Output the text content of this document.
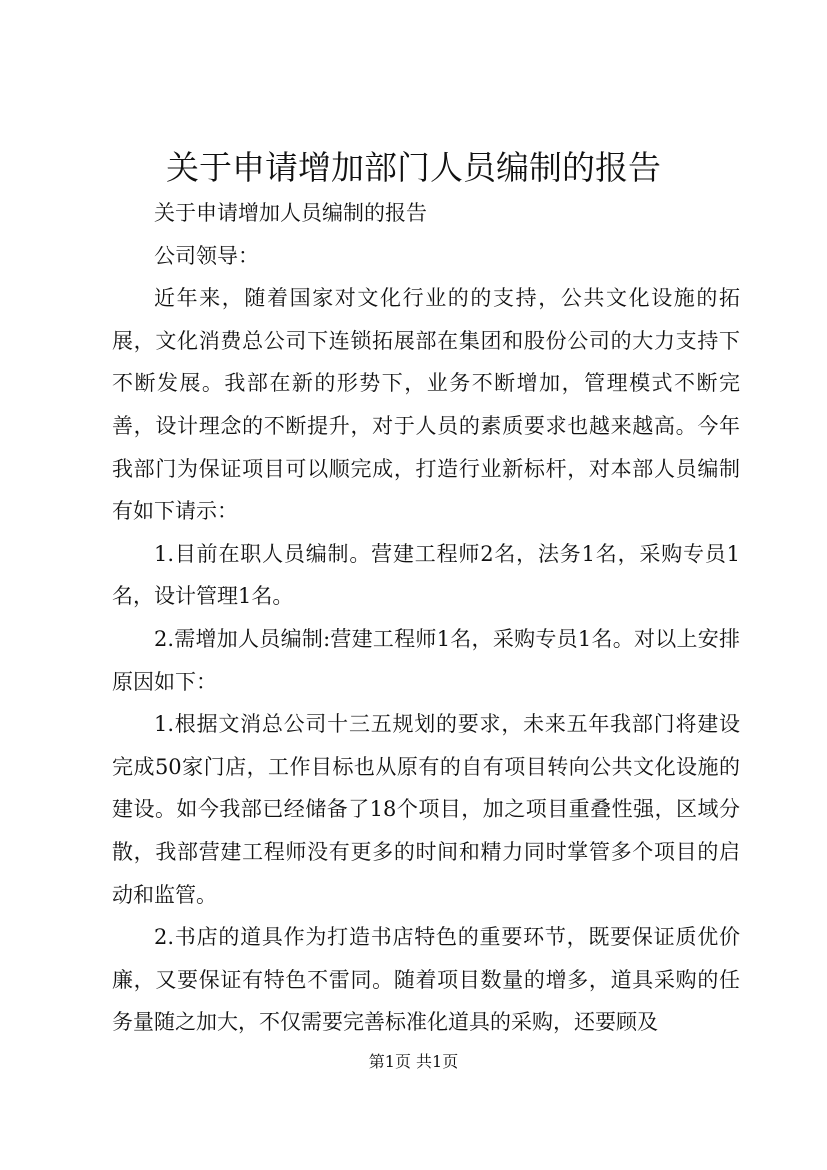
关于申请增加部门人员编制的报告

关于申请增加人员编制的报告

公司领导：

近年来，随着国家对文化行业的的支持，公共文化设施的拓展，文化消费总公司下连锁拓展部在集团和股份公司的大力支持下不断发展。我部在新的形势下，业务不断增加，管理模式不断完善，设计理念的不断提升，对于人员的素质要求也越来越高。今年我部门为保证项目可以顺完成，打造行业新标杆，对本部人员编制有如下请示：

1.目前在职人员编制。营建工程师2名，法务1名，采购专员1名，设计管理1名。

2.需增加人员编制:营建工程师1名，采购专员1名。对以上安排原因如下：

1.根据文消总公司十三五规划的要求，未来五年我部门将建设完成50家门店，工作目标也从原有的自有项目转向公共文化设施的建设。如今我部已经储备了18个项目，加之项目重叠性强，区域分散，我部营建工程师没有更多的时间和精力同时掌管多个项目的启动和监管。

2.书店的道具作为打造书店特色的重要环节，既要保证质优价廉，又要保证有特色不雷同。随着项目数量的增多，道具采购的任务量随之加大，不仅需要完善标准化道具的采购，还要顾及

第1页 共1页
